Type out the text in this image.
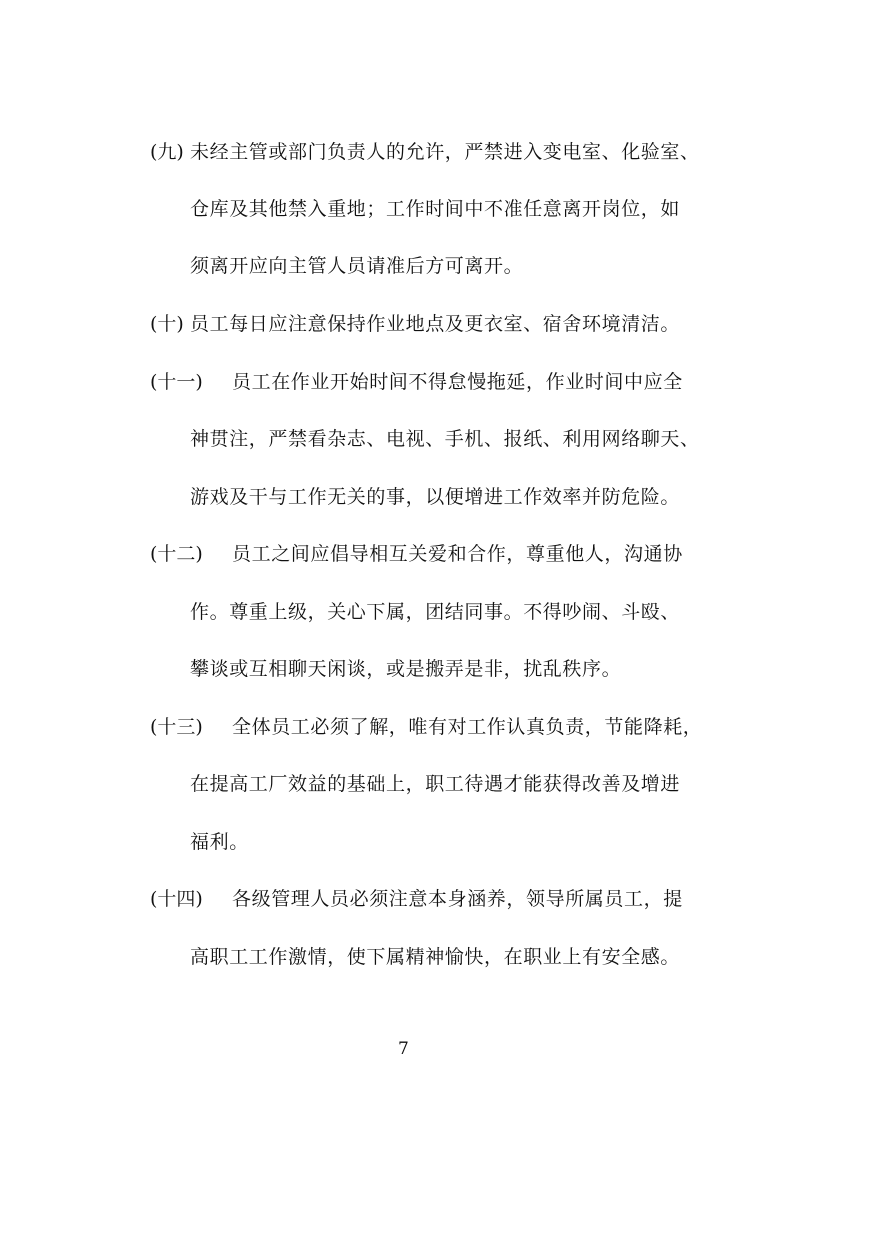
(九) 未经主管或部门负责人的允许，严禁进入变电室、化验室、
仓库及其他禁入重地；工作时间中不准任意离开岗位，如
须离开应向主管人员请准后方可离开。
(十) 员工每日应注意保持作业地点及更衣室、宿舍环境清洁。
(十一) 员工在作业开始时间不得怠慢拖延，作业时间中应全
神贯注，严禁看杂志、电视、手机、报纸、利用网络聊天、
游戏及干与工作无关的事，以便增进工作效率并防危险。
(十二) 员工之间应倡导相互关爱和合作，尊重他人，沟通协
作。尊重上级，关心下属，团结同事。不得吵闹、斗殴、
攀谈或互相聊天闲谈，或是搬弄是非，扰乱秩序。
(十三) 全体员工必须了解，唯有对工作认真负责，节能降耗，
在提高工厂效益的基础上，职工待遇才能获得改善及增进
福利。
(十四) 各级管理人员必须注意本身涵养，领导所属员工，提
高职工工作激情，使下属精神愉快，在职业上有安全感。
7
